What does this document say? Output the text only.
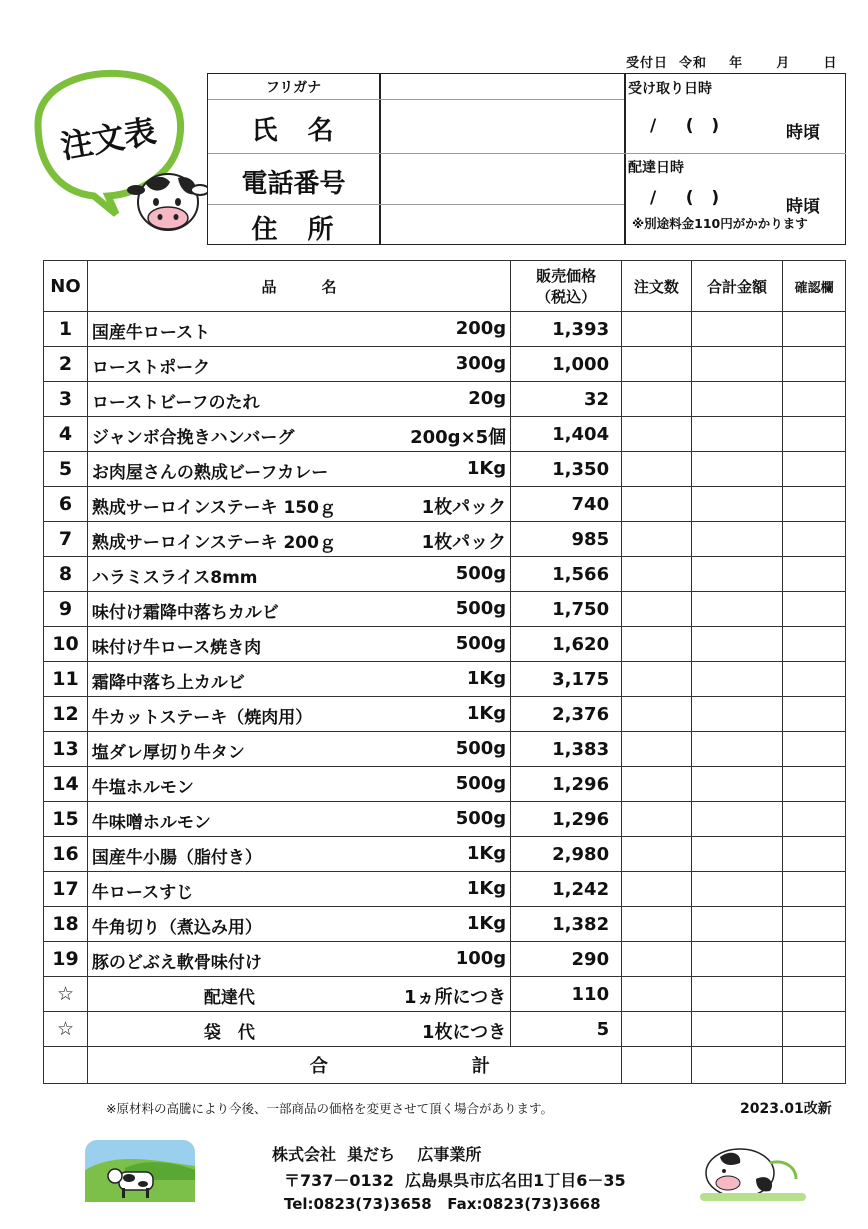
受付日  令和    年      月      日
注文表
フリガナ
氏　名
電話番号
住　所
受け取り日時
/     (   )	時頃
配達日時
/     (   )	時頃
※別途料金110円がかかります
NO	品　　　名	販売価格
（税込）	注文数	合計金額	確認欄
1	国産牛ロースト 200g	1,393			
2	ローストポーク 300g	1,000			
3	ローストビーフのたれ 20g	32			
4	ジャンボ合挽きハンバーグ 200g×5個	1,404			
5	お肉屋さんの熟成ビーフカレー 1Kg	1,350			
6	熟成サーロインステーキ 150ｇ 1枚パック	740			
7	熟成サーロインステーキ 200ｇ 1枚パック	985			
8	ハラミスライス8mm 500g	1,566			
9	味付け霜降中落ちカルビ 500g	1,750			
10	味付け牛ロース焼き肉 500g	1,620			
11	霜降中落ち上カルビ 1Kg	3,175			
12	牛カットステーキ（焼肉用） 1Kg	2,376			
13	塩ダレ厚切り牛タン 500g	1,383			
14	牛塩ホルモン 500g	1,296			
15	牛味噌ホルモン 500g	1,296			
16	国産牛小腸（脂付き） 1Kg	2,980			
17	牛ロースすじ 1Kg	1,242			
18	牛角切り（煮込み用） 1Kg	1,382			
19	豚のどぶえ軟骨味付け 100g	290			
☆	配達代 1ヵ所につき	110			
☆	袋　代 1枚につき	5			
	合　　　　　　　　計				
※原材料の高騰により今後、一部商品の価格を変更させて頂く場合があります。	2023.01改新
株式会社  巣だち    広事業所
〒737－0132  広島県呉市広名田1丁目6－35
Tel:0823(73)3658   Fax:0823(73)3668
